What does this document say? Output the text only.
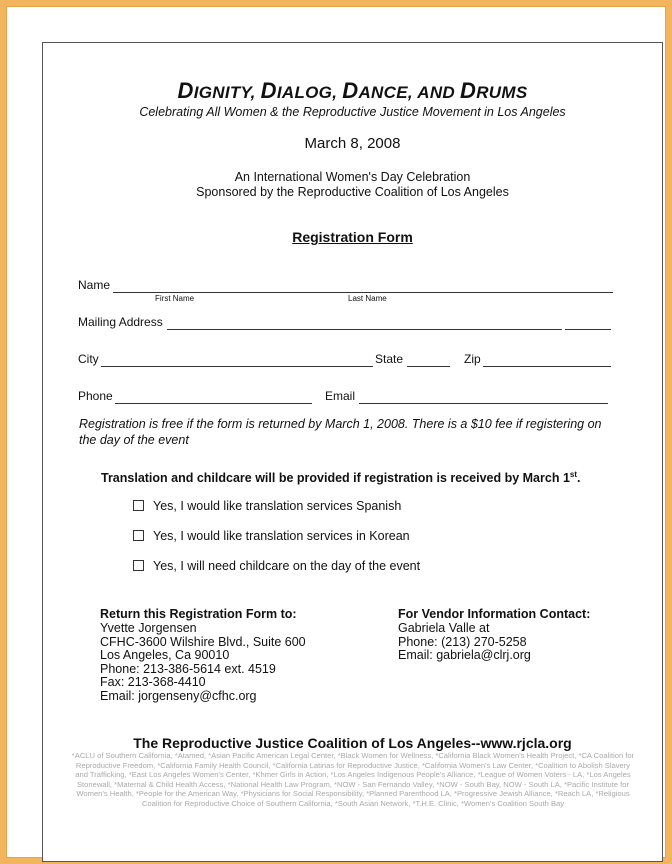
DIGNITY, DIALOG, DANCE, AND DRUMS
Celebrating All Women & the Reproductive Justice Movement in Los Angeles
March 8, 2008
An International Women's Day Celebration
Sponsored by the Reproductive Coalition of Los Angeles
Registration Form
Name
First Name	Last Name
Mailing Address
City	State	Zip
Phone	Email
Registration is free if the form is returned by March 1, 2008. There is a $10 fee if registering on the day of the event
Translation and childcare will be provided if registration is received by March 1st.
Yes, I would like translation services Spanish
Yes, I would like translation services in Korean
Yes, I will need childcare on the day of the event
Return this Registration Form to:
Yvette Jorgensen
CFHC-3600 Wilshire Blvd., Suite 600
Los Angeles, Ca 90010
Phone: 213-386-5614 ext. 4519
Fax: 213-368-4410
Email: jorgenseny@cfhc.org
For Vendor Information Contact:
Gabriela Valle at
Phone: (213) 270-5258
Email: gabriela@clrj.org
The Reproductive Justice Coalition of Los Angeles--www.rjcla.org
*ACLU of Southern California, *Atamed, *Asian Pacific American Legal Center, *Black Women for Wellness, *California Black Women's Health Project, *CA Coalition for Reproductive Freedom, *California Family Health Council, *California Latinas for Reproductive Justice, *California Women's Law Center, *Coalition to Abolish Slavery and Trafficking, *East Los Angeles Women's Center, *Khmer Girls in Action, *Los Angeles Indigenous People's Alliance, *League of Women Voters - LA, *Los Angeles Stonewall, *Maternal & Child Health Access, *National Health Law Program, *NOW - San Fernando Valley, *NOW - South Bay, NOW - South LA, *Pacific Institute for Women's Health, *People for the American Way, *Physicians for Social Responsibility, *Planned Parenthood LA, *Progressive Jewish Alliance, *Reach LA, *Religious Coalition for Reproductive Choice of Southern California, *South Asian Network, *T.H.E. Clinic, *Women's Coalition South Bay
